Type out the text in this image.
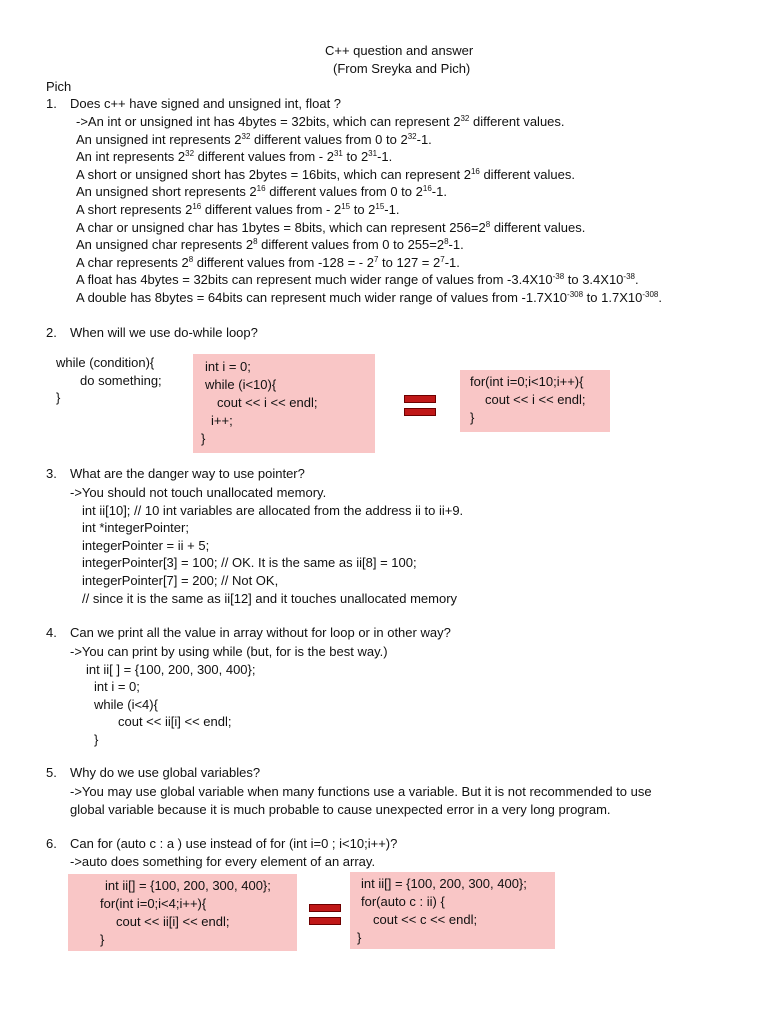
C++ question and answer
(From Sreyka and Pich)
Pich
1. Does c++ have signed and unsigned int, float ?
->An int or unsigned int has 4bytes = 32bits, which can represent $2^{32}$ different values.
An unsigned int represents $2^{32}$ different values from 0 to $2^{32}-1$.
An int represents $2^{32}$ different values from - $2^{31}$ to $2^{31}-1$.
A short or unsigned short has 2bytes = 16bits, which can represent $2^{16}$ different values.
An unsigned short represents $2^{16}$ different values from 0 to $2^{16}-1$.
A short represents $2^{16}$ different values from - $2^{15}$ to $2^{15}-1$.
A char or unsigned char has 1bytes = 8bits, which can represent $256=2^8$ different values.
An unsigned char represents $2^8$ different values from 0 to $255=2^8-1$.
A char represents $2^8$ different values from -128 = - $2^7$ to $127 = 2^7-1$.
A float has 4bytes = 32bits can represent much wider range of values from $-3.4X10^{-38}$ to $3.4X10^{-38}$.
A double has 8bytes = 64bits can represent much wider range of values from $-1.7X10^{-308}$ to $1.7X10^{-308}$.
2. When will we use do-while loop?
while (condition){
do something;
}
int i = 0;
while (i<10){
cout << i << endl;
i++;
}
for(int i=0;i<10;i++){
cout << i << endl;
}
3. What are the danger way to use pointer?
->You should not touch unallocated memory.
int ii[10]; // 10 int variables are allocated from the address ii to ii+9.
int *integerPointer;
integerPointer = ii + 5;
integerPointer[3] = 100; // OK. It is the same as ii[8] = 100;
integerPointer[7] = 200; // Not OK,
// since it is the same as ii[12] and it touches unallocated memory
4. Can we print all the value in array without for loop or in other way?
->You can print by using while (but, for is the best way.)
int ii[ ] = {100, 200, 300, 400};
int i = 0;
while (i<4){
cout << ii[i] << endl;
}
5. Why do we use global variables?
->You may use global variable when many functions use a variable. But it is not recommended to use
global variable because it is much probable to cause unexpected error in a very long program.
6. Can for (auto c : a ) use instead of for (int i=0 ; i<10;i++)?
->auto does something for every element of an array.
int ii[] = {100, 200, 300, 400};
for(int i=0;i<4;i++){
cout << ii[i] << endl;
}
int ii[] = {100, 200, 300, 400};
for(auto c : ii) {
cout << c << endl;
}
